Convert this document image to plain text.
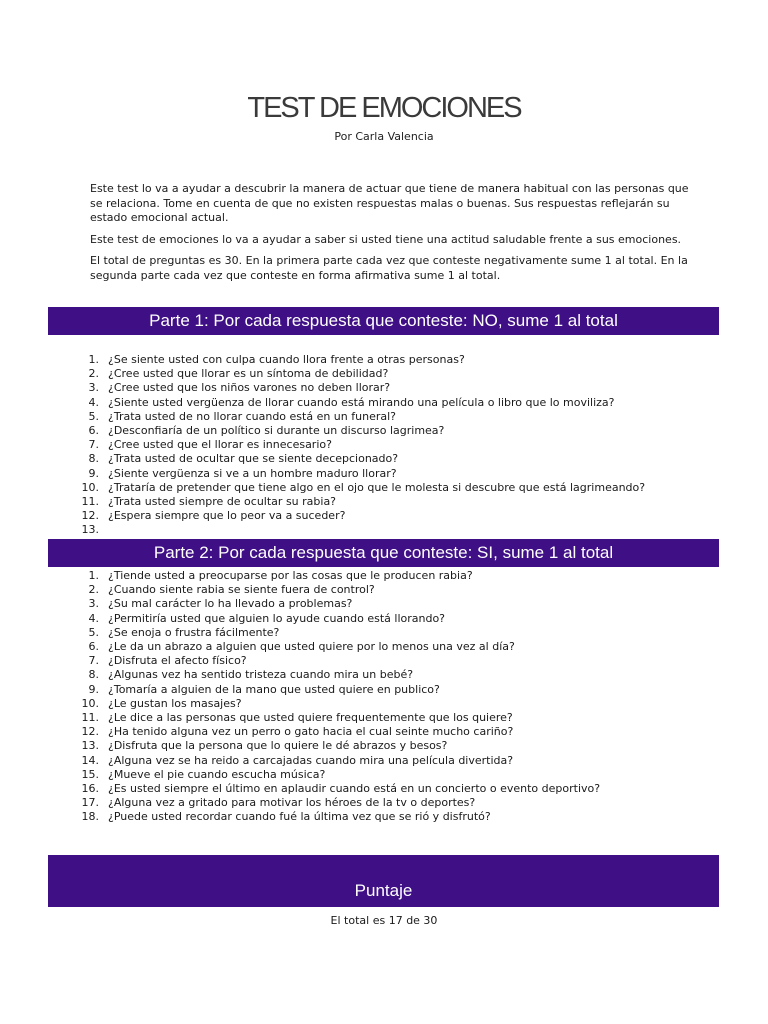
TEST DE EMOCIONES
Por Carla Valencia

Este test lo va a ayudar a descubrir la manera de actuar que tiene de manera habitual con las personas que se relaciona. Tome en cuenta de que no existen respuestas malas o buenas. Sus respuestas reflejarán su estado emocional actual.

Este test de emociones lo va a ayudar a saber si usted tiene una actitud saludable frente a sus emociones.

El total de preguntas es 30. En la primera parte cada vez que conteste negativamente sume 1 al total. En la segunda parte cada vez que conteste en forma afirmativa sume 1 al total.

Parte 1: Por cada respuesta que conteste: NO, sume 1 al total
1. ¿Se siente usted con culpa cuando llora frente a otras personas?
2. ¿Cree usted que llorar es un síntoma de debilidad?
3. ¿Cree usted que los niños varones no deben llorar?
4. ¿Siente usted vergüenza de llorar cuando está mirando una película o libro que lo moviliza?
5. ¿Trata usted de no llorar cuando está en un funeral?
6. ¿Desconfiaría de un político si durante un discurso lagrimea?
7. ¿Cree usted que el llorar es innecesario?
8. ¿Trata usted de ocultar que se siente decepcionado?
9. ¿Siente vergüenza si ve a un hombre maduro llorar?
10. ¿Trataría de pretender que tiene algo en el ojo que le molesta si descubre que está lagrimeando?
11. ¿Trata usted siempre de ocultar su rabia?
12. ¿Espera siempre que lo peor va a suceder?
13.
Parte 2: Por cada respuesta que conteste: SI, sume 1 al total
1. ¿Tiende usted a preocuparse por las cosas que le producen rabia?
2. ¿Cuando siente rabia se siente fuera de control?
3. ¿Su mal carácter lo ha llevado a problemas?
4. ¿Permitiría usted que alguien lo ayude cuando está llorando?
5. ¿Se enoja o frustra fácilmente?
6. ¿Le da un abrazo a alguien que usted quiere por lo menos una vez al día?
7. ¿Disfruta el afecto físico?
8. ¿Algunas vez ha sentido tristeza cuando mira un bebé?
9. ¿Tomaría a alguien de la mano que usted quiere en publico?
10. ¿Le gustan los masajes?
11. ¿Le dice a las personas que usted quiere frequentemente que los quiere?
12. ¿Ha tenido alguna vez un perro o gato hacia el cual seinte mucho cariño?
13. ¿Disfruta que la persona que lo quiere le dé abrazos y besos?
14. ¿Alguna vez se ha reido a carcajadas cuando mira una película divertida?
15. ¿Mueve el pie cuando escucha música?
16. ¿Es usted siempre el último en aplaudir cuando está en un concierto o evento deportivo?
17. ¿Alguna vez a gritado para motivar los héroes de la tv o deportes?
18. ¿Puede usted recordar cuando fué la última vez que se rió y disfrutó?
Puntaje
El total es 17 de 30
